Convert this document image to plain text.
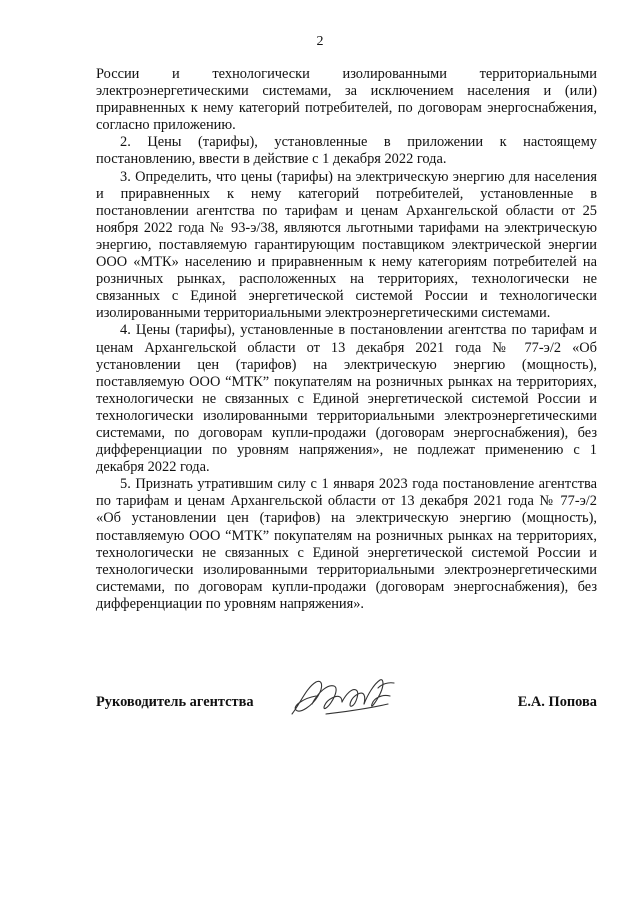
2

России и технологически изолированными территориальными электроэнергетическими системами, за исключением населения и (или) приравненных к нему категорий потребителей, по договорам энергоснабжения, согласно приложению.

2. Цены (тарифы), установленные в приложении к настоящему постановлению, ввести в действие с 1 декабря 2022 года.

3. Определить, что цены (тарифы) на электрическую энергию для населения и приравненных к нему категорий потребителей, установленные в постановлении агентства по тарифам и ценам Архангельской области от 25 ноября 2022 года № 93-э/38, являются льготными тарифами на электрическую энергию, поставляемую гарантирующим поставщиком электрической энергии ООО «МТК» населению и приравненным к нему категориям потребителей на розничных рынках, расположенных на территориях, технологически не связанных с Единой энергетической системой России и технологически изолированными территориальными электроэнергетическими системами.

4. Цены (тарифы), установленные в постановлении агентства по тарифам и ценам Архангельской области от 13 декабря 2021 года № 77-э/2 «Об установлении цен (тарифов) на электрическую энергию (мощность), поставляемую ООО “МТК” покупателям на розничных рынках на территориях, технологически не связанных с Единой энергетической системой России и технологически изолированными территориальными электроэнергетическими системами, по договорам купли-продажи (договорам энергоснабжения), без дифференциации по уровням напряжения», не подлежат применению с 1 декабря 2022 года.

5. Признать утратившим силу с 1 января 2023 года постановление агентства по тарифам и ценам Архангельской области от 13 декабря 2021 года № 77-э/2 «Об установлении цен (тарифов) на электрическую энергию (мощность), поставляемую ООО “МТК” покупателям на розничных рынках на территориях, технологически не связанных с Единой энергетической системой России и технологически изолированными территориальными электроэнергетическими системами, по договорам купли-продажи (договорам энергоснабжения), без дифференциации по уровням напряжения».

Руководитель агентства	Е.А. Попова
